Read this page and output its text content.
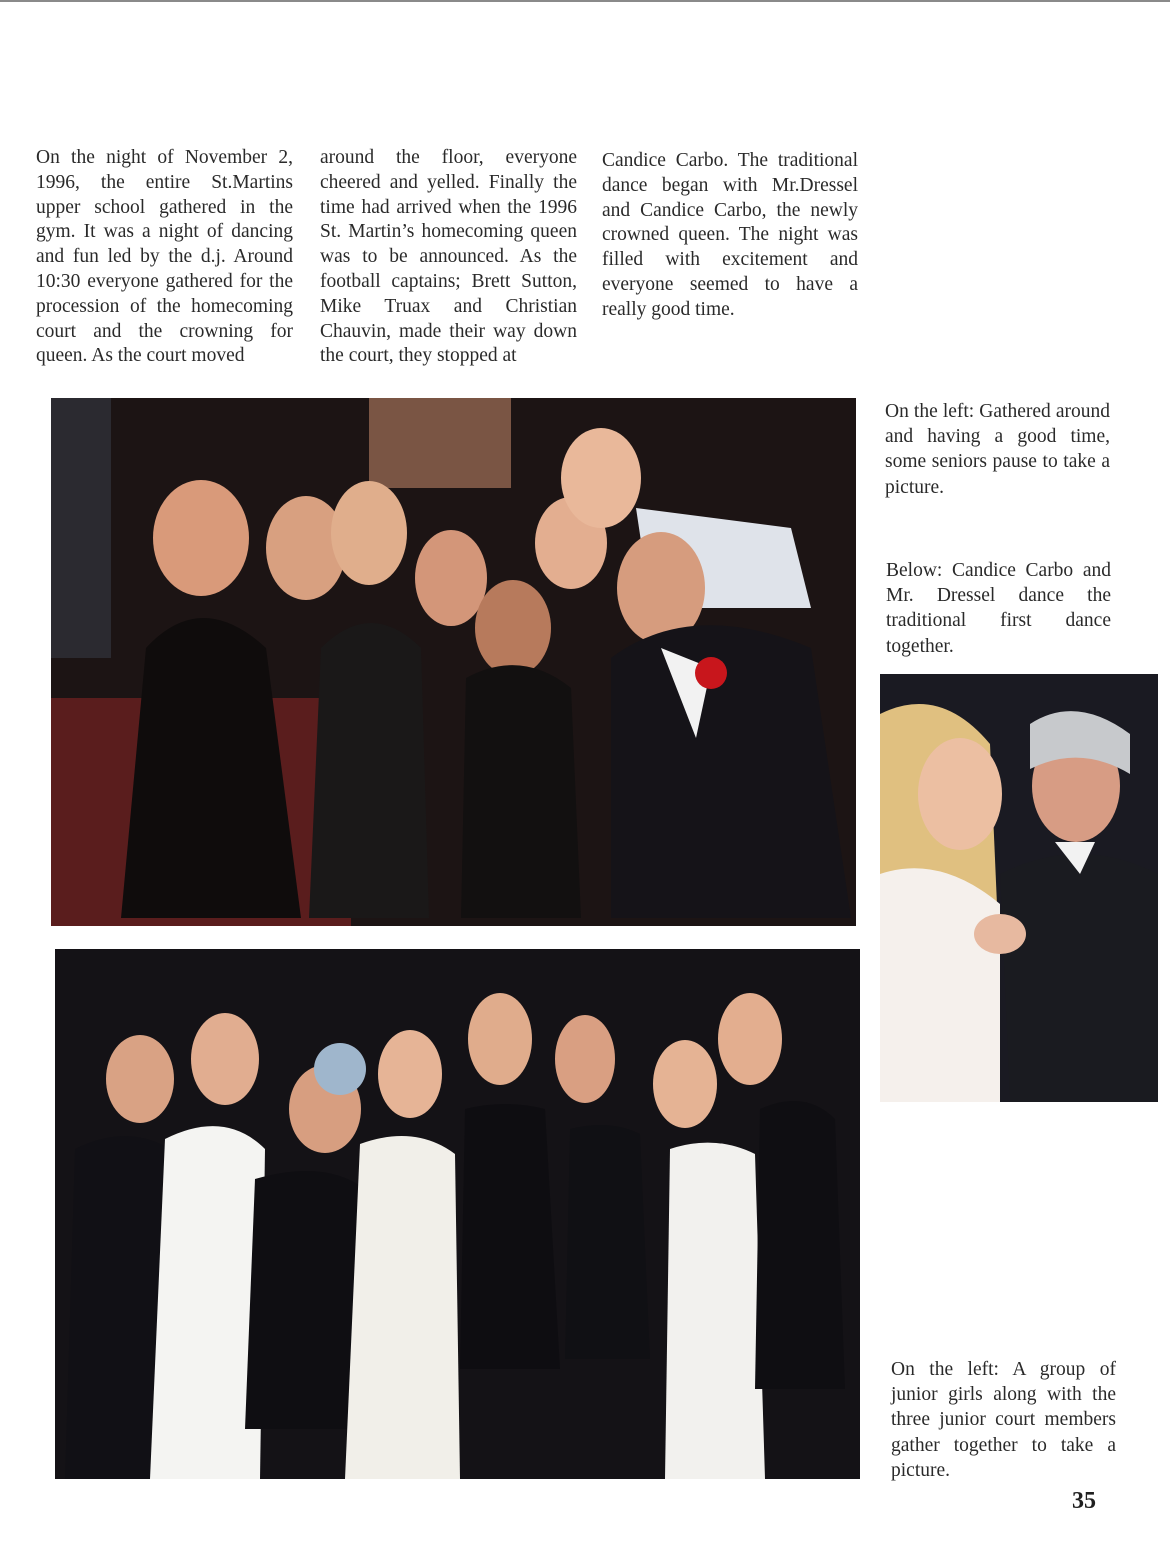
On the night of November 2, 1996, the entire St.Martins upper school gathered in the gym. It was a night of dancing and fun led by the d.j. Around 10:30 everyone gathered for the procession of the homecoming court and the crowning for queen. As the court moved

around the floor, everyone cheered and yelled. Finally the time had arrived when the 1996 St. Martin’s homecoming queen was to be announced. As the football captains; Brett Sutton, Mike Truax and Christian Chauvin, made their way down the court, they stopped at

Candice Carbo. The traditional dance began with Mr.Dressel and Candice Carbo, the newly crowned queen. The night was filled with excitement and everyone seemed to have a really good time.

On the left: Gathered around and having a good time, some seniors pause to take a picture.

Below: Candice Carbo and Mr. Dressel dance the traditional first dance together.

On the left: A group of junior girls along with the three junior court members gather together to take a picture.

35
